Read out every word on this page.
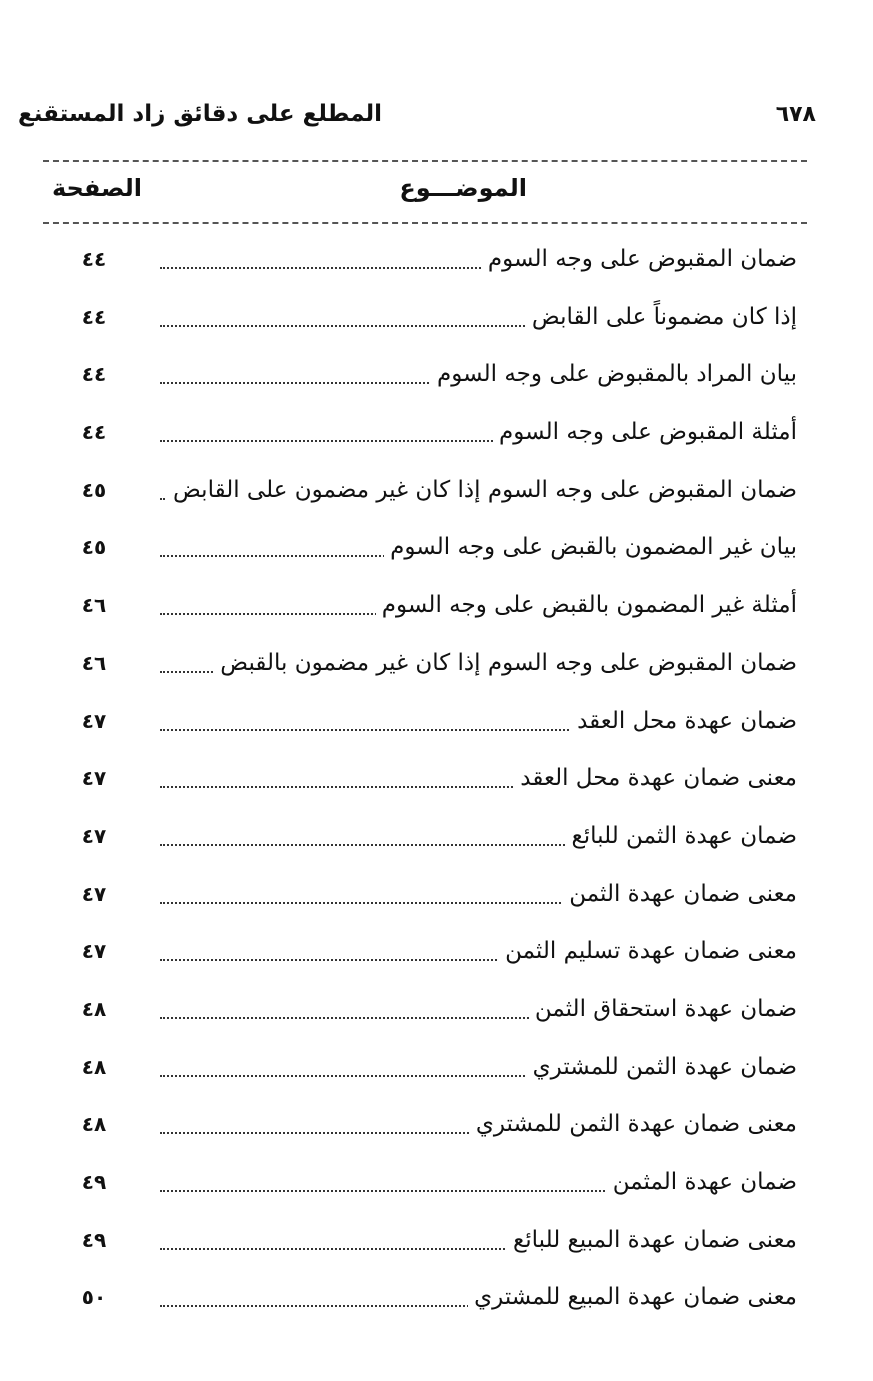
٦٧٨
المطلع على دقائق زاد المستقنع
الموضـــوع
الصفحة
ضمان المقبوض على وجه السوم
٤٤
إذا كان مضموناً على القابض
٤٤
بيان المراد بالمقبوض على وجه السوم
٤٤
أمثلة المقبوض على وجه السوم
٤٤
ضمان المقبوض على وجه السوم إذا كان غير مضمون على القابض
٤٥
بيان غير المضمون بالقبض على وجه السوم
٤٥
أمثلة غير المضمون بالقبض على وجه السوم
٤٦
ضمان المقبوض على وجه السوم إذا كان غير مضمون بالقبض
٤٦
ضمان عهدة محل العقد
٤٧
معنى ضمان عهدة محل العقد
٤٧
ضمان عهدة الثمن للبائع
٤٧
معنى ضمان عهدة الثمن
٤٧
معنى ضمان عهدة تسليم الثمن
٤٧
ضمان عهدة استحقاق الثمن
٤٨
ضمان عهدة الثمن للمشتري
٤٨
معنى ضمان عهدة الثمن للمشتري
٤٨
ضمان عهدة المثمن
٤٩
معنى ضمان عهدة المبيع للبائع
٤٩
معنى ضمان عهدة المبيع للمشتري
٥٠
